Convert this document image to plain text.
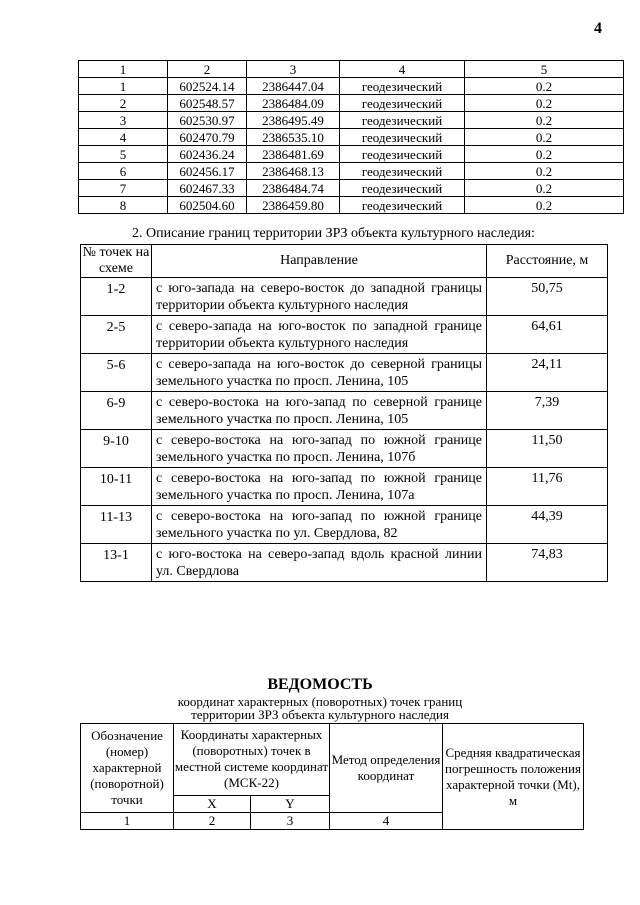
4
1	2	3	4	5
1	602524.14	2386447.04	геодезический	0.2
2	602548.57	2386484.09	геодезический	0.2
3	602530.97	2386495.49	геодезический	0.2
4	602470.79	2386535.10	геодезический	0.2
5	602436.24	2386481.69	геодезический	0.2
6	602456.17	2386468.13	геодезический	0.2
7	602467.33	2386484.74	геодезический	0.2
8	602504.60	2386459.80	геодезический	0.2
2. Описание границ территории ЗРЗ объекта культурного наследия:
№ точек на схеме	Направление	Расстояние, м
1-2	с юго-запада на северо-восток до западной границы территории объекта культурного наследия	50,75
2-5	с северо-запада на юго-восток по западной границе территории объекта культурного наследия	64,61
5-6	с северо-запада на юго-восток до северной границы земельного участка по просп. Ленина, 105	24,11
6-9	с северо-востока на юго-запад по северной границе земельного участка по просп. Ленина, 105	7,39
9-10	с северо-востока на юго-запад по южной границе земельного участка по просп. Ленина, 107б	11,50
10-11	с северо-востока на юго-запад по южной границе земельного участка по просп. Ленина, 107а	11,76
11-13	с северо-востока на юго-запад по южной границе земельного участка по ул. Свердлова, 82	44,39
13-1	с юго-востока на северо-запад вдоль красной линии ул. Свердлова	74,83
ВЕДОМОСТЬ
координат характерных (поворотных) точек границ
территории ЗРЗ объекта культурного наследия
Обозначение (номер) характерной (поворотной) точки	Координаты характерных (поворотных) точек в местной системе координат (МСК-22)		Метод определения координат	Средняя квадратическая погрешность положения характерной точки (Mt), м
	X	Y		
1	2	3	4	
